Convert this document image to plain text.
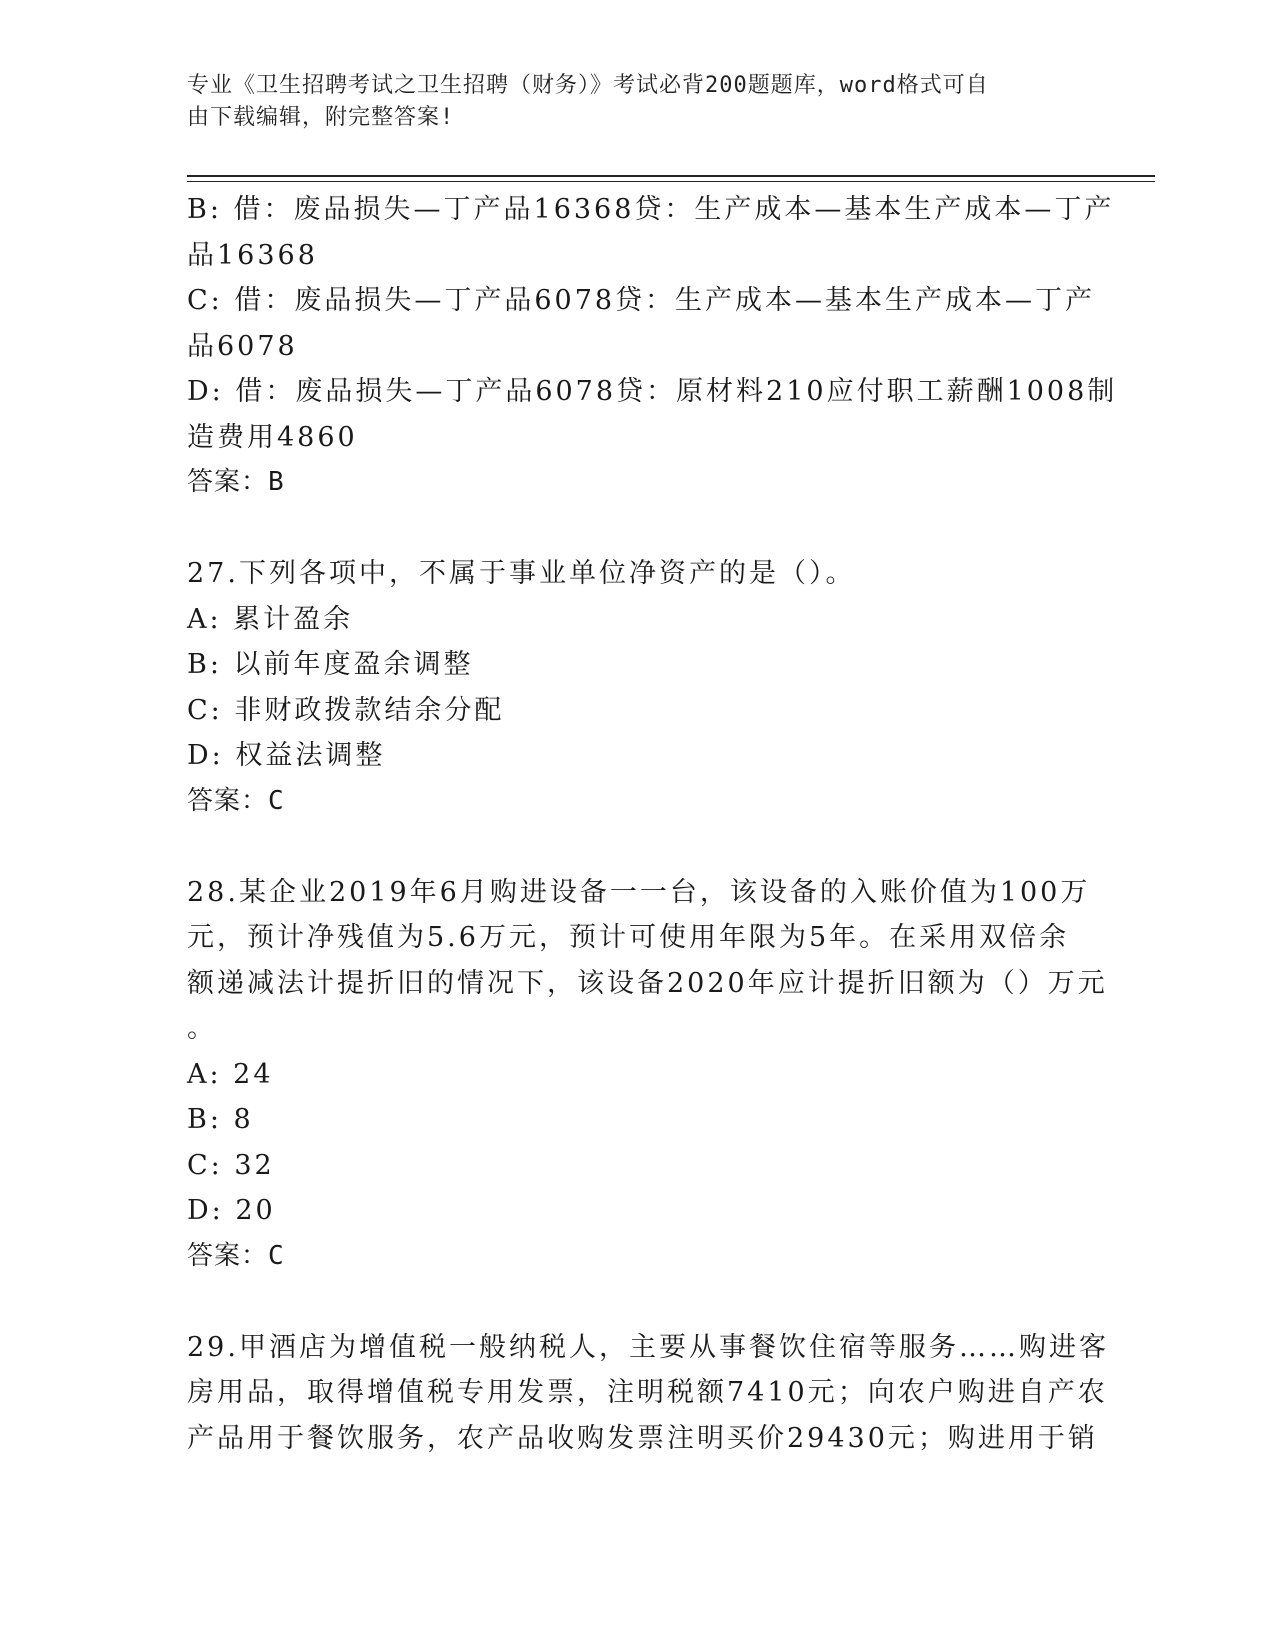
专业《卫生招聘考试之卫生招聘（财务）》考试必背200题题库，word格式可自
由下载编辑，附完整答案!
B: 借：废品损失—丁产品16368贷：生产成本—基本生产成本—丁产
品16368
C: 借：废品损失—丁产品6078贷：生产成本—基本生产成本—丁产
品6078
D: 借：废品损失—丁产品6078贷：原材料210应付职工薪酬1008制
造费用4860
答案：B
27.下列各项中，不属于事业单位净资产的是（）。
A: 累计盈余
B: 以前年度盈余调整
C: 非财政拨款结余分配
D: 权益法调整
答案：C
28.某企业2019年6月购进设备一一台，该设备的入账价值为100万
元，预计净残值为5.6万元，预计可使用年限为5年。在采用双倍余
额递减法计提折旧的情况下，该设备2020年应计提折旧额为（）万元
。
A: 24
B: 8
C: 32
D: 20
答案：C
29.甲酒店为增值税一般纳税人，主要从事餐饮住宿等服务……购进客
房用品，取得增值税专用发票，注明税额7410元；向农户购进自产农
产品用于餐饮服务，农产品收购发票注明买价29430元；购进用于销
